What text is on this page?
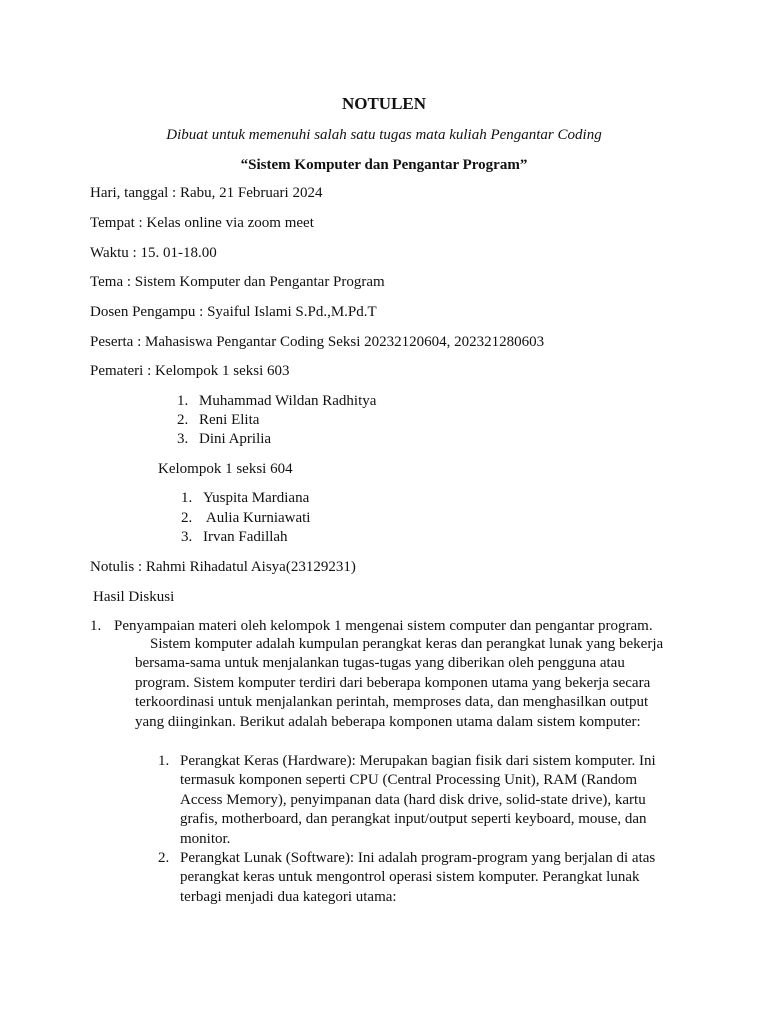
NOTULEN
Dibuat untuk memenuhi salah satu tugas mata kuliah Pengantar Coding
“Sistem Komputer dan Pengantar Program”
Hari, tanggal : Rabu, 21 Februari 2024
Tempat : Kelas online via zoom meet
Waktu : 15. 01-18.00
Tema : Sistem Komputer dan Pengantar Program
Dosen Pengampu : Syaiful Islami S.Pd.,M.Pd.T
Peserta : Mahasiswa Pengantar Coding Seksi 20232120604, 202321280603
Pemateri : Kelompok 1 seksi 603
1. Muhammad Wildan Radhitya
2. Reni Elita
3. Dini Aprilia
Kelompok 1 seksi 604
1. Yuspita Mardiana
2. Aulia Kurniawati
3. Irvan Fadillah
Notulis : Rahmi Rihadatul Aisya(23129231)
Hasil Diskusi
1. Penyampaian materi oleh kelompok 1 mengenai sistem computer dan pengantar program.
Sistem komputer adalah kumpulan perangkat keras dan perangkat lunak yang bekerja
bersama-sama untuk menjalankan tugas-tugas yang diberikan oleh pengguna atau
program. Sistem komputer terdiri dari beberapa komponen utama yang bekerja secara
terkoordinasi untuk menjalankan perintah, memproses data, dan menghasilkan output
yang diinginkan. Berikut adalah beberapa komponen utama dalam sistem komputer:
1. Perangkat Keras (Hardware): Merupakan bagian fisik dari sistem komputer. Ini
termasuk komponen seperti CPU (Central Processing Unit), RAM (Random
Access Memory), penyimpanan data (hard disk drive, solid-state drive), kartu
grafis, motherboard, dan perangkat input/output seperti keyboard, mouse, dan
monitor.
2. Perangkat Lunak (Software): Ini adalah program-program yang berjalan di atas
perangkat keras untuk mengontrol operasi sistem komputer. Perangkat lunak
terbagi menjadi dua kategori utama:
